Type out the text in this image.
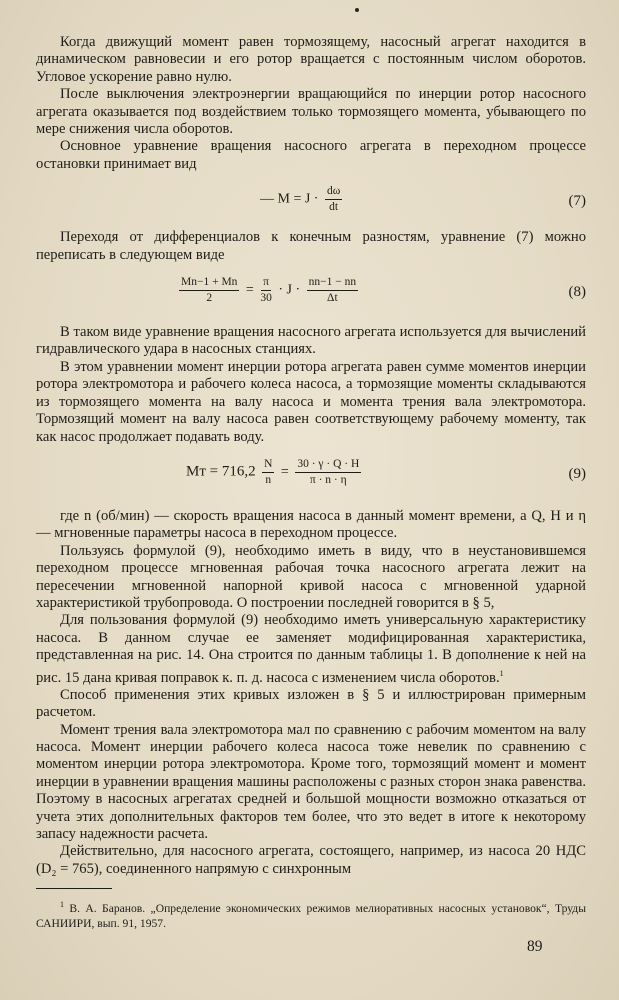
Когда движущий момент равен тормозящему, насосный агрегат находится в динамическом равновесии и его ротор вращается с постоянным числом оборотов. Угловое ускорение равно нулю.

После выключения электроэнергии вращающийся по инерции ротор насосного агрегата оказывается под воздействием только тормозящего момента, убывающего по мере снижения числа оборотов.

Основное уравнение вращения насосного агрегата в переходном процессе остановки принимает вид

— $M = J \cdot \frac{d\omega}{dt}$	(7)

Переходя от дифференциалов к конечным разностям, уравнение (7) можно переписать в следующем виде

$\frac{Mn-1 + Mn}{2} = \frac{\pi}{30} \cdot J \cdot \frac{nn-1 - nn}{\Delta t}$	(8)

В таком виде уравнение вращения насосного агрегата используется для вычислений гидравлического удара в насосных станциях.

В этом уравнении момент инерции ротора агрегата равен сумме моментов инерции ротора электромотора и рабочего колеса насоса, а тормозящие моменты складываются из тормозящего момента на валу насоса и момента трения вала электромотора. Тормозящий момент на валу насоса равен соответствующему рабочему моменту, так как насос продолжает подавать воду.

Mт = $716,2 \frac{N}{n} = \frac{30 \cdot \gamma \cdot Q \cdot H}{\pi \cdot n \cdot \eta}$	(9)

где n (об/мин) — скорость вращения насоса в данный момент времени, а Q, H и η — мгновенные параметры насоса в переходном процессе.

Пользуясь формулой (9), необходимо иметь в виду, что в неустановившемся переходном процессе мгновенная рабочая точка насосного агрегата лежит на пересечении мгновенной напорной кривой насоса с мгновенной ударной характеристикой трубопровода. О построении последней говорится в § 5,

Для пользования формулой (9) необходимо иметь универсальную характеристику насоса. В данном случае ее заменяет модифицированная характеристика, представленная на рис. 14. Она строится по данным таблицы 1. В дополнение к ней на рис. 15 дана кривая поправок к. п. д. насоса с изменением числа оборотов.$^1$

Способ применения этих кривых изложен в § 5 и иллюстрирован примерным расчетом.

Момент трения вала электромотора мал по сравнению с рабочим моментом на валу насоса. Момент инерции рабочего колеса насоса тоже невелик по сравнению с моментом инерции ротора электромотора. Кроме того, тормозящий момент и момент инерции в уравнении вращения машины расположены с разных сторон знака равенства. Поэтому в насосных агрегатах средней и большой мощности возможно отказаться от учета этих дополнительных факторов тем более, что это ведет в итоге к некоторому запасу надежности расчета.

Действительно, для насосного агрегата, состоящего, например, из насоса 20 НДС (D₂ = 765), соединенного напрямую с синхронным

$^1$ В. А. Баранов. „Определение экономических режимов мелиоративных насосных установок“, Труды САНИИРИ, вып. 91, 1957.

89
